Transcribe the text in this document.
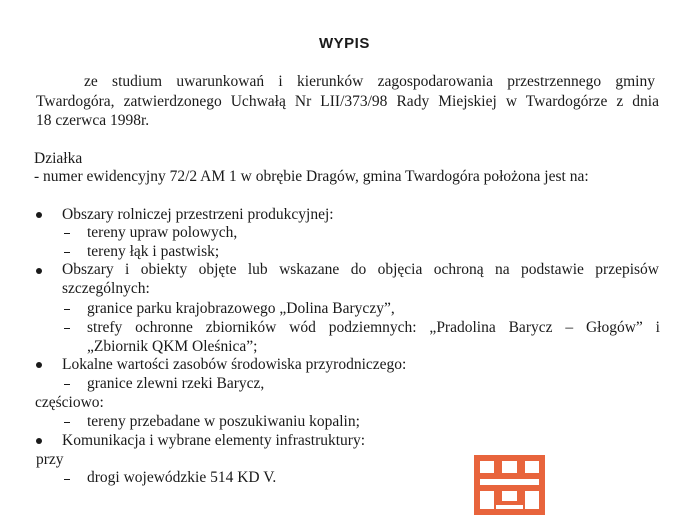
WYPIS
ze studium uwarunkowań i kierunków zagospodarowania przestrzennego gminy
Twardogóra, zatwierdzonego Uchwałą Nr LII/373/98 Rady Miejskiej w Twardogórze z dnia
18 czerwca 1998r.
Działka
- numer ewidencyjny 72/2 AM 1 w obrębie Dragów, gmina Twardogóra położona jest na:
Obszary rolniczej przestrzeni produkcyjnej:
tereny upraw polowych,
tereny łąk i pastwisk;
Obszary i obiekty objęte lub wskazane do objęcia ochroną na podstawie przepisów
szczególnych:
granice parku krajobrazowego „Dolina Baryczy”,
strefy ochronne zbiorników wód podziemnych: „Pradolina Barycz – Głogów” i
„Zbiornik QKM Oleśnica”;
Lokalne wartości zasobów środowiska przyrodniczego:
granice zlewni rzeki Barycz,
częściowo:
tereny przebadane w poszukiwaniu kopalin;
Komunikacja i wybrane elementy infrastruktury:
przy
drogi wojewódzkie 514 KD V.
